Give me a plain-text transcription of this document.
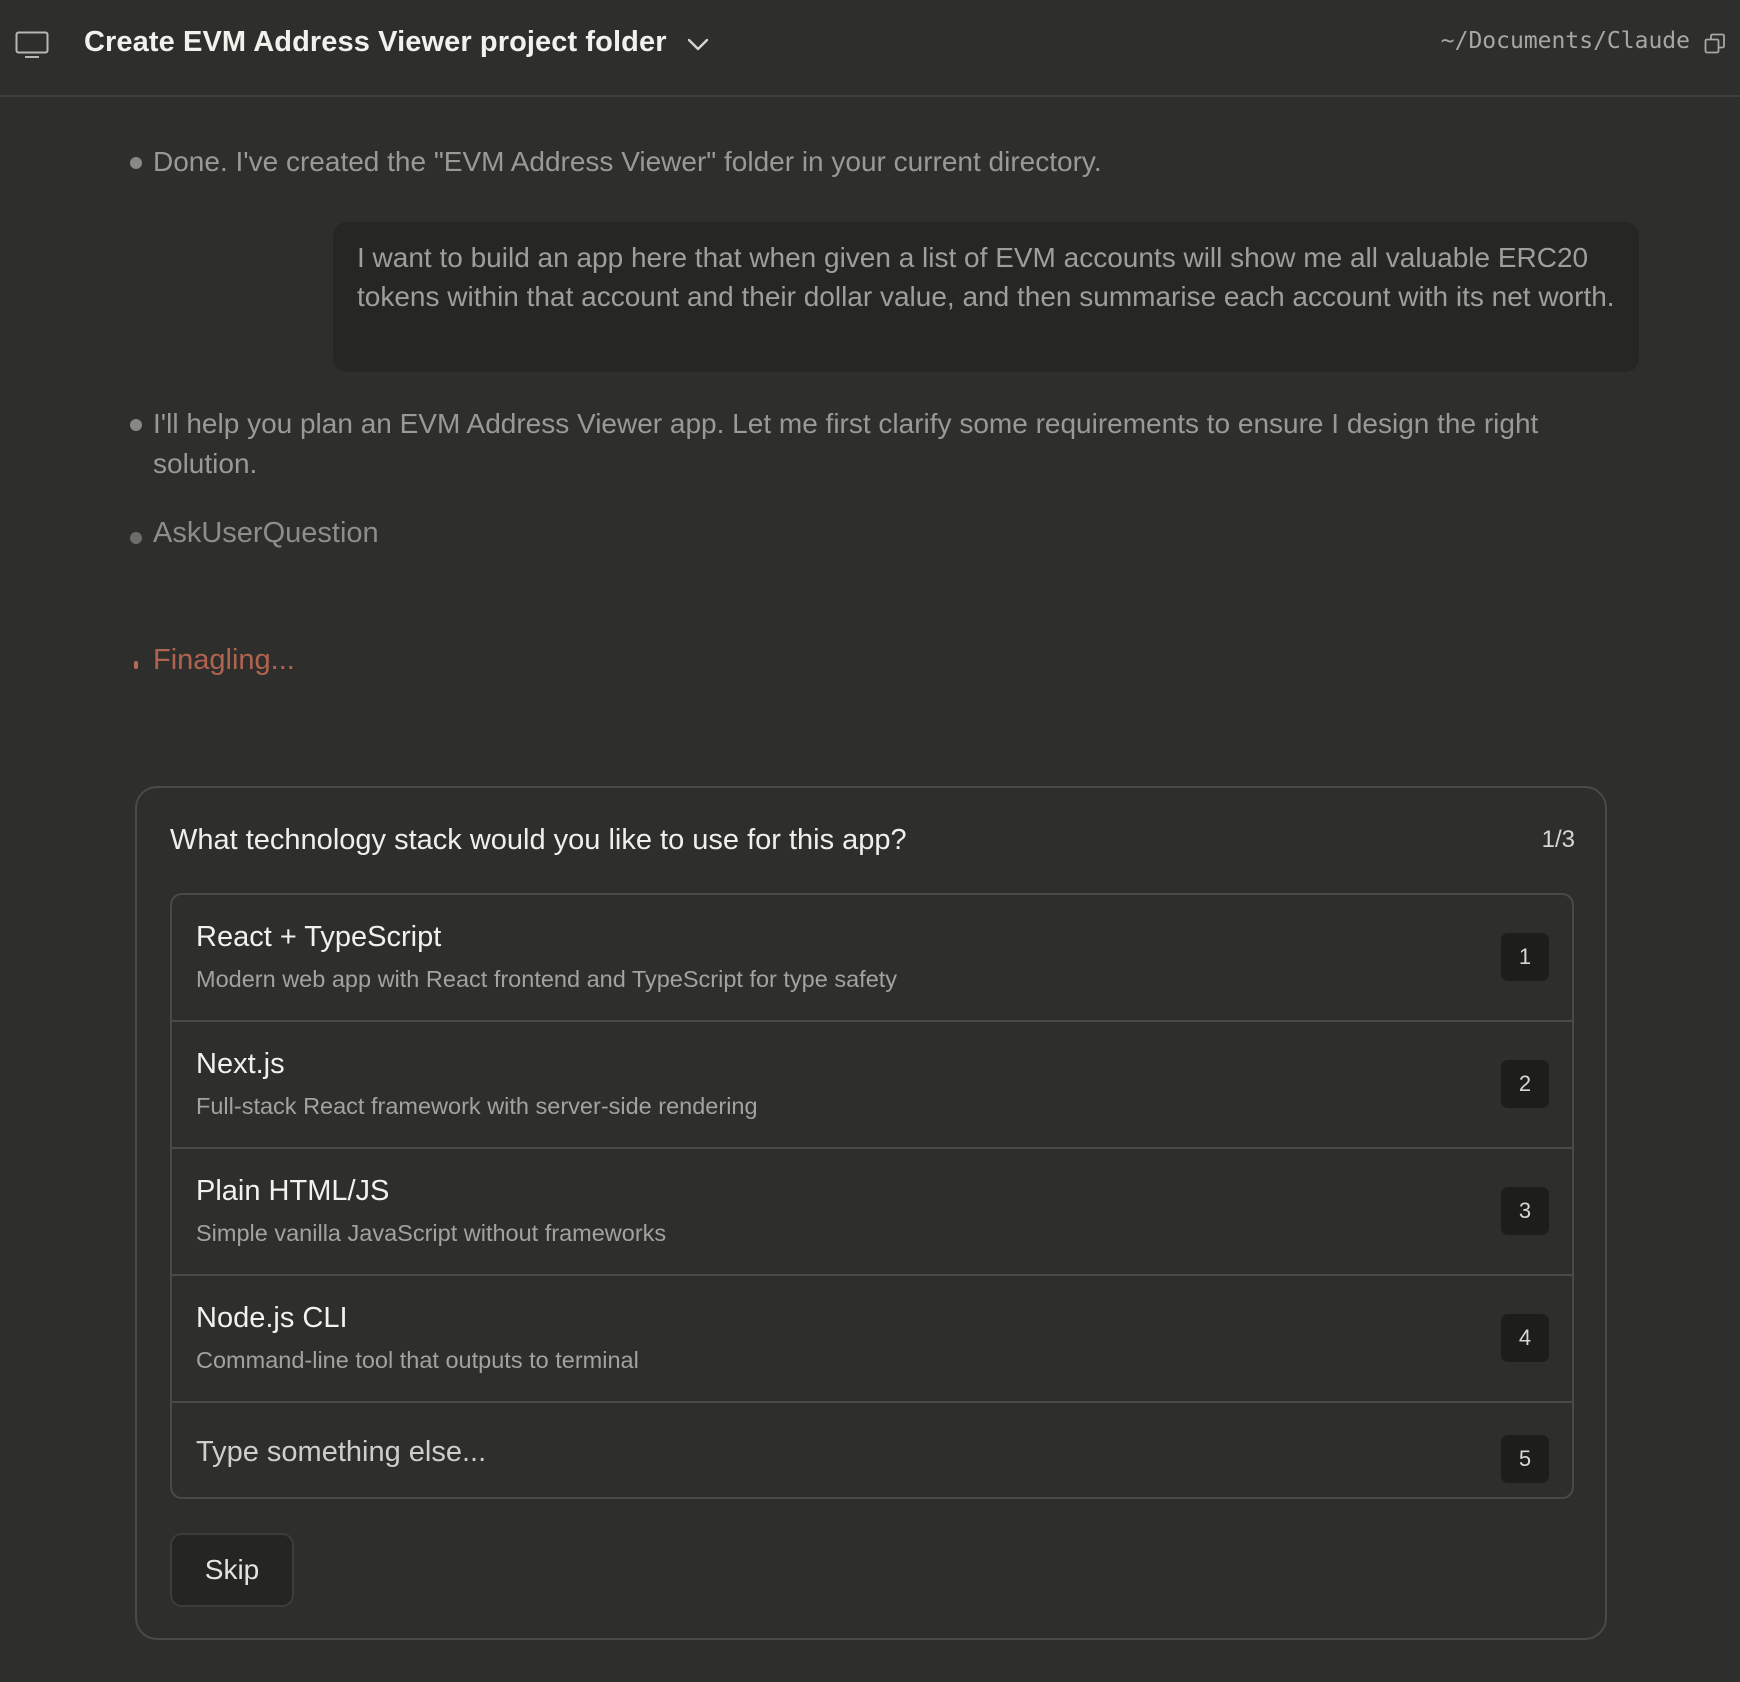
Create EVM Address Viewer project folder	~/Documents/Claude
Done. I've created the "EVM Address Viewer" folder in your current directory.
I want to build an app here that when given a list of EVM accounts will show me all valuable ERC20 tokens within that account and their dollar value, and then summarise each account with its net worth.
I'll help you plan an EVM Address Viewer app. Let me first clarify some requirements to ensure I design the right solution.
AskUserQuestion
Finagling...
What technology stack would you like to use for this app?	1/3
React + TypeScript
Modern web app with React frontend and TypeScript for type safety
1
Next.js
Full-stack React framework with server-side rendering
2
Plain HTML/JS
Simple vanilla JavaScript without frameworks
3
Node.js CLI
Command-line tool that outputs to terminal
4
Type something else...	5
Skip
